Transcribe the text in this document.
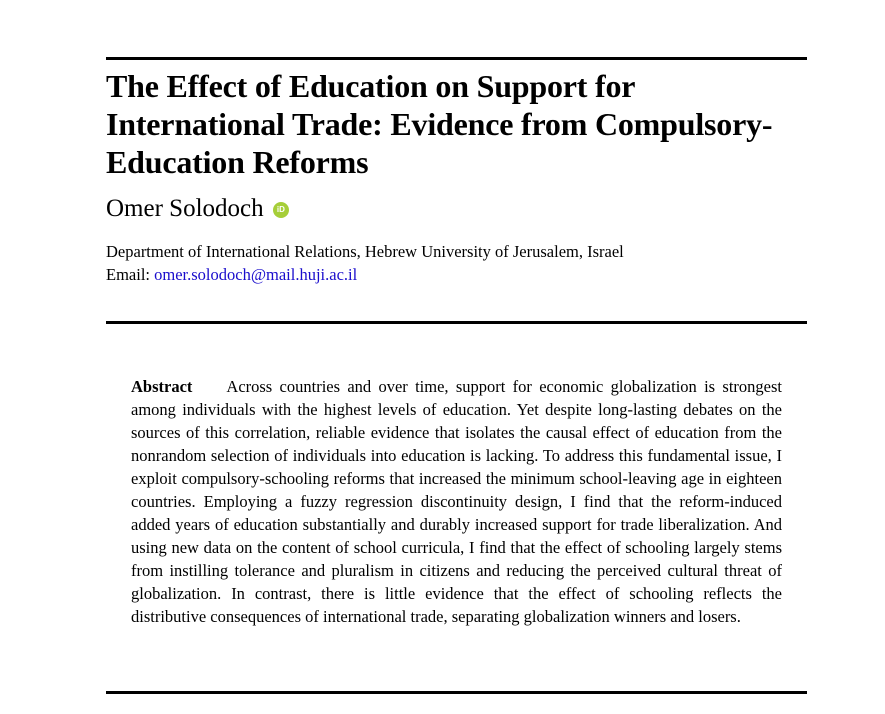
The Effect of Education on Support for International Trade: Evidence from Compulsory-Education Reforms
Omer Solodoch iD
Department of International Relations, Hebrew University of Jerusalem, Israel
Email: omer.solodoch@mail.huji.ac.il

Abstract Across countries and over time, support for economic globalization is strongest among individuals with the highest levels of education. Yet despite long-lasting debates on the sources of this correlation, reliable evidence that isolates the causal effect of education from the nonrandom selection of individuals into education is lacking. To address this fundamental issue, I exploit compulsory-schooling reforms that increased the minimum school-leaving age in eighteen countries. Employing a fuzzy regression discontinuity design, I find that the reform-induced added years of education substantially and durably increased support for trade liberalization. And using new data on the content of school curricula, I find that the effect of schooling largely stems from instilling tolerance and pluralism in citizens and reducing the perceived cultural threat of globalization. In contrast, there is little evidence that the effect of schooling reflects the distributive consequences of international trade, separating globalization winners and losers.
